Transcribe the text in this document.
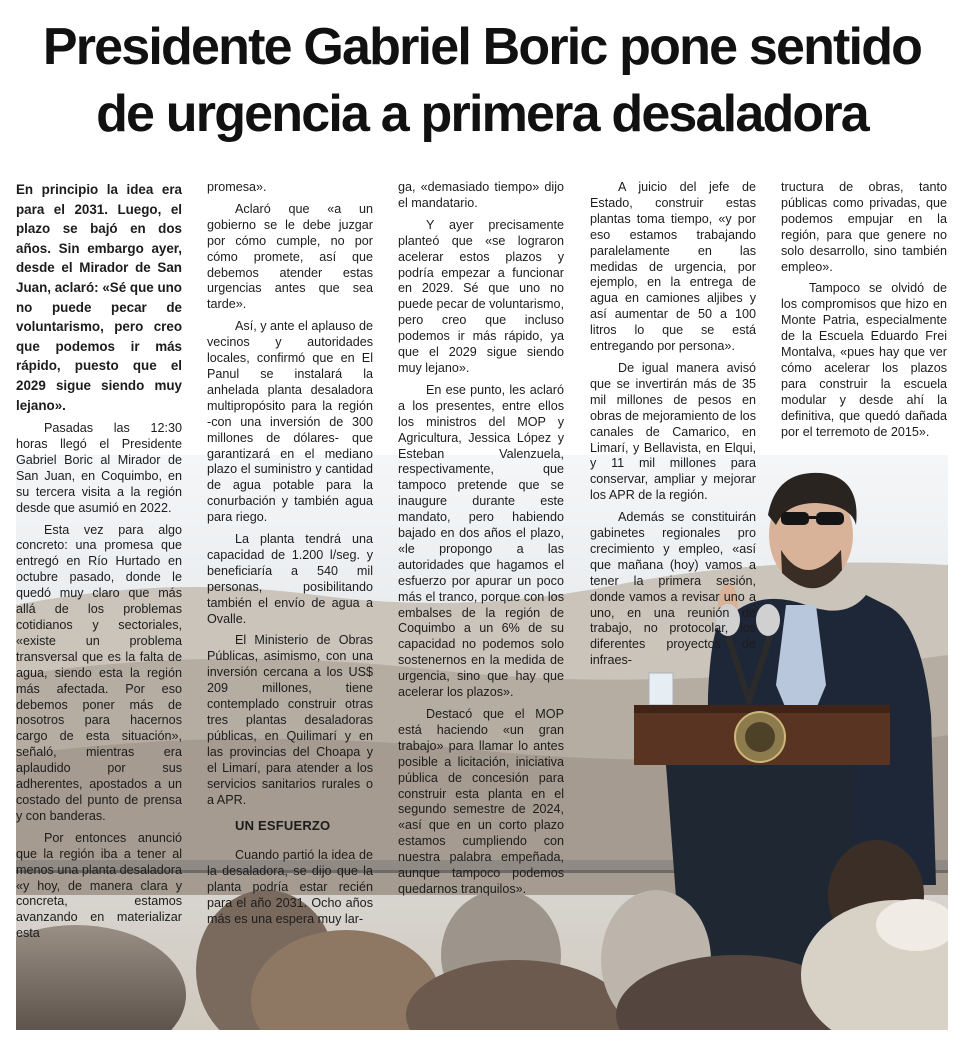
Presidente Gabriel Boric pone sentido
de urgencia a primera desaladora

En principio la idea era para el 2031. Luego, el plazo se bajó en dos años. Sin embargo ayer, desde el Mirador de San Juan, aclaró: «Sé que uno no puede pecar de voluntarismo, pero creo que podemos ir más rápido, puesto que el 2029 sigue siendo muy lejano».

Pasadas las 12:30 horas llegó el Presidente Gabriel Boric al Mirador de San Juan, en Coquimbo, en su tercera visita a la región desde que asumió en 2022.

Esta vez para algo concreto: una promesa que entregó en Río Hurtado en octubre pasado, donde le quedó muy claro que más allá de los problemas cotidianos y sectoriales, «existe un problema transversal que es la falta de agua, siendo esta la región más afectada. Por eso debemos poner más de nosotros para hacernos cargo de esta situación», señaló, mientras era aplaudido por sus adherentes, apostados a un costado del punto de prensa y con banderas.

Por entonces anunció que la región iba a tener al menos una planta desaladora «y hoy, de manera clara y concreta, estamos avanzando en materializar esta

promesa».

Aclaró que «a un gobierno se le debe juzgar por cómo cumple, no por cómo promete, así que debemos atender estas urgencias antes que sea tarde».

Así, y ante el aplauso de vecinos y autoridades locales, confirmó que en El Panul se instalará la anhelada planta desaladora multipropósito para la región -con una inversión de 300 millones de dólares- que garantizará en el mediano plazo el suministro y cantidad de agua potable para la conurbación y también agua para riego.

La planta tendrá una capacidad de 1.200 l/seg. y beneficiaría a 540 mil personas, posibilitando también el envío de agua a Ovalle.

El Ministerio de Obras Públicas, asimismo, con una inversión cercana a los US$ 209 millones, tiene contemplado construir otras tres plantas desaladoras públicas, en Quilimarí y en las provincias del Choapa y el Limarí, para atender a los servicios sanitarios rurales o a APR.

UN ESFUERZO

Cuando partió la idea de la desaladora, se dijo que la planta podría estar recién para el año 2031. Ocho años más es una espera muy lar-

ga, «demasiado tiempo» dijo el mandatario.

Y ayer precisamente planteó que «se lograron acelerar estos plazos y podría empezar a funcionar en 2029. Sé que uno no puede pecar de voluntarismo, pero creo que incluso podemos ir más rápido, ya que el 2029 sigue siendo muy lejano».

En ese punto, les aclaró a los presentes, entre ellos los ministros del MOP y Agricultura, Jessica López y Esteban Valenzuela, respectivamente, que tampoco pretende que se inaugure durante este mandato, pero habiendo bajado en dos años el plazo, «le propongo a las autoridades que hagamos el esfuerzo por apurar un poco más el tranco, porque con los embalses de la región de Coquimbo a un 6% de su capacidad no podemos solo sostenernos en la medida de urgencia, sino que hay que acelerar los plazos».

Destacó que el MOP está haciendo «un gran trabajo» para llamar lo antes posible a licitación, iniciativa pública de concesión para construir esta planta en el segundo semestre de 2024, «así que en un corto plazo estamos cumpliendo con nuestra palabra empeñada, aunque tampoco podemos quedarnos tranquilos».

A juicio del jefe de Estado, construir estas plantas toma tiempo, «y por eso estamos trabajando paralelamente en las medidas de urgencia, por ejemplo, en la entrega de agua en camiones aljibes y así aumentar de 50 a 100 litros lo que se está entregando por persona».

De igual manera avisó que se invertirán más de 35 mil millones de pesos en obras de mejoramiento de los canales de Camarico, en Limarí, y Bellavista, en Elqui, y 11 mil millones para conservar, ampliar y mejorar los APR de la región.

Además se constituirán gabinetes regionales pro crecimiento y empleo, «así que mañana (hoy) vamos a tener la primera sesión, donde vamos a revisar uno a uno, en una reunión de trabajo, no protocolar, los diferentes proyectos de infraes-

tructura de obras, tanto públicas como privadas, que podemos empujar en la región, para que genere no solo desarrollo, sino también empleo».

Tampoco se olvidó de los compromisos que hizo en Monte Patria, especialmente de la Escuela Eduardo Frei Montalva, «pues hay que ver cómo acelerar los plazos para construir la escuela modular y desde ahí la definitiva, que quedó dañada por el terremoto de 2015».
